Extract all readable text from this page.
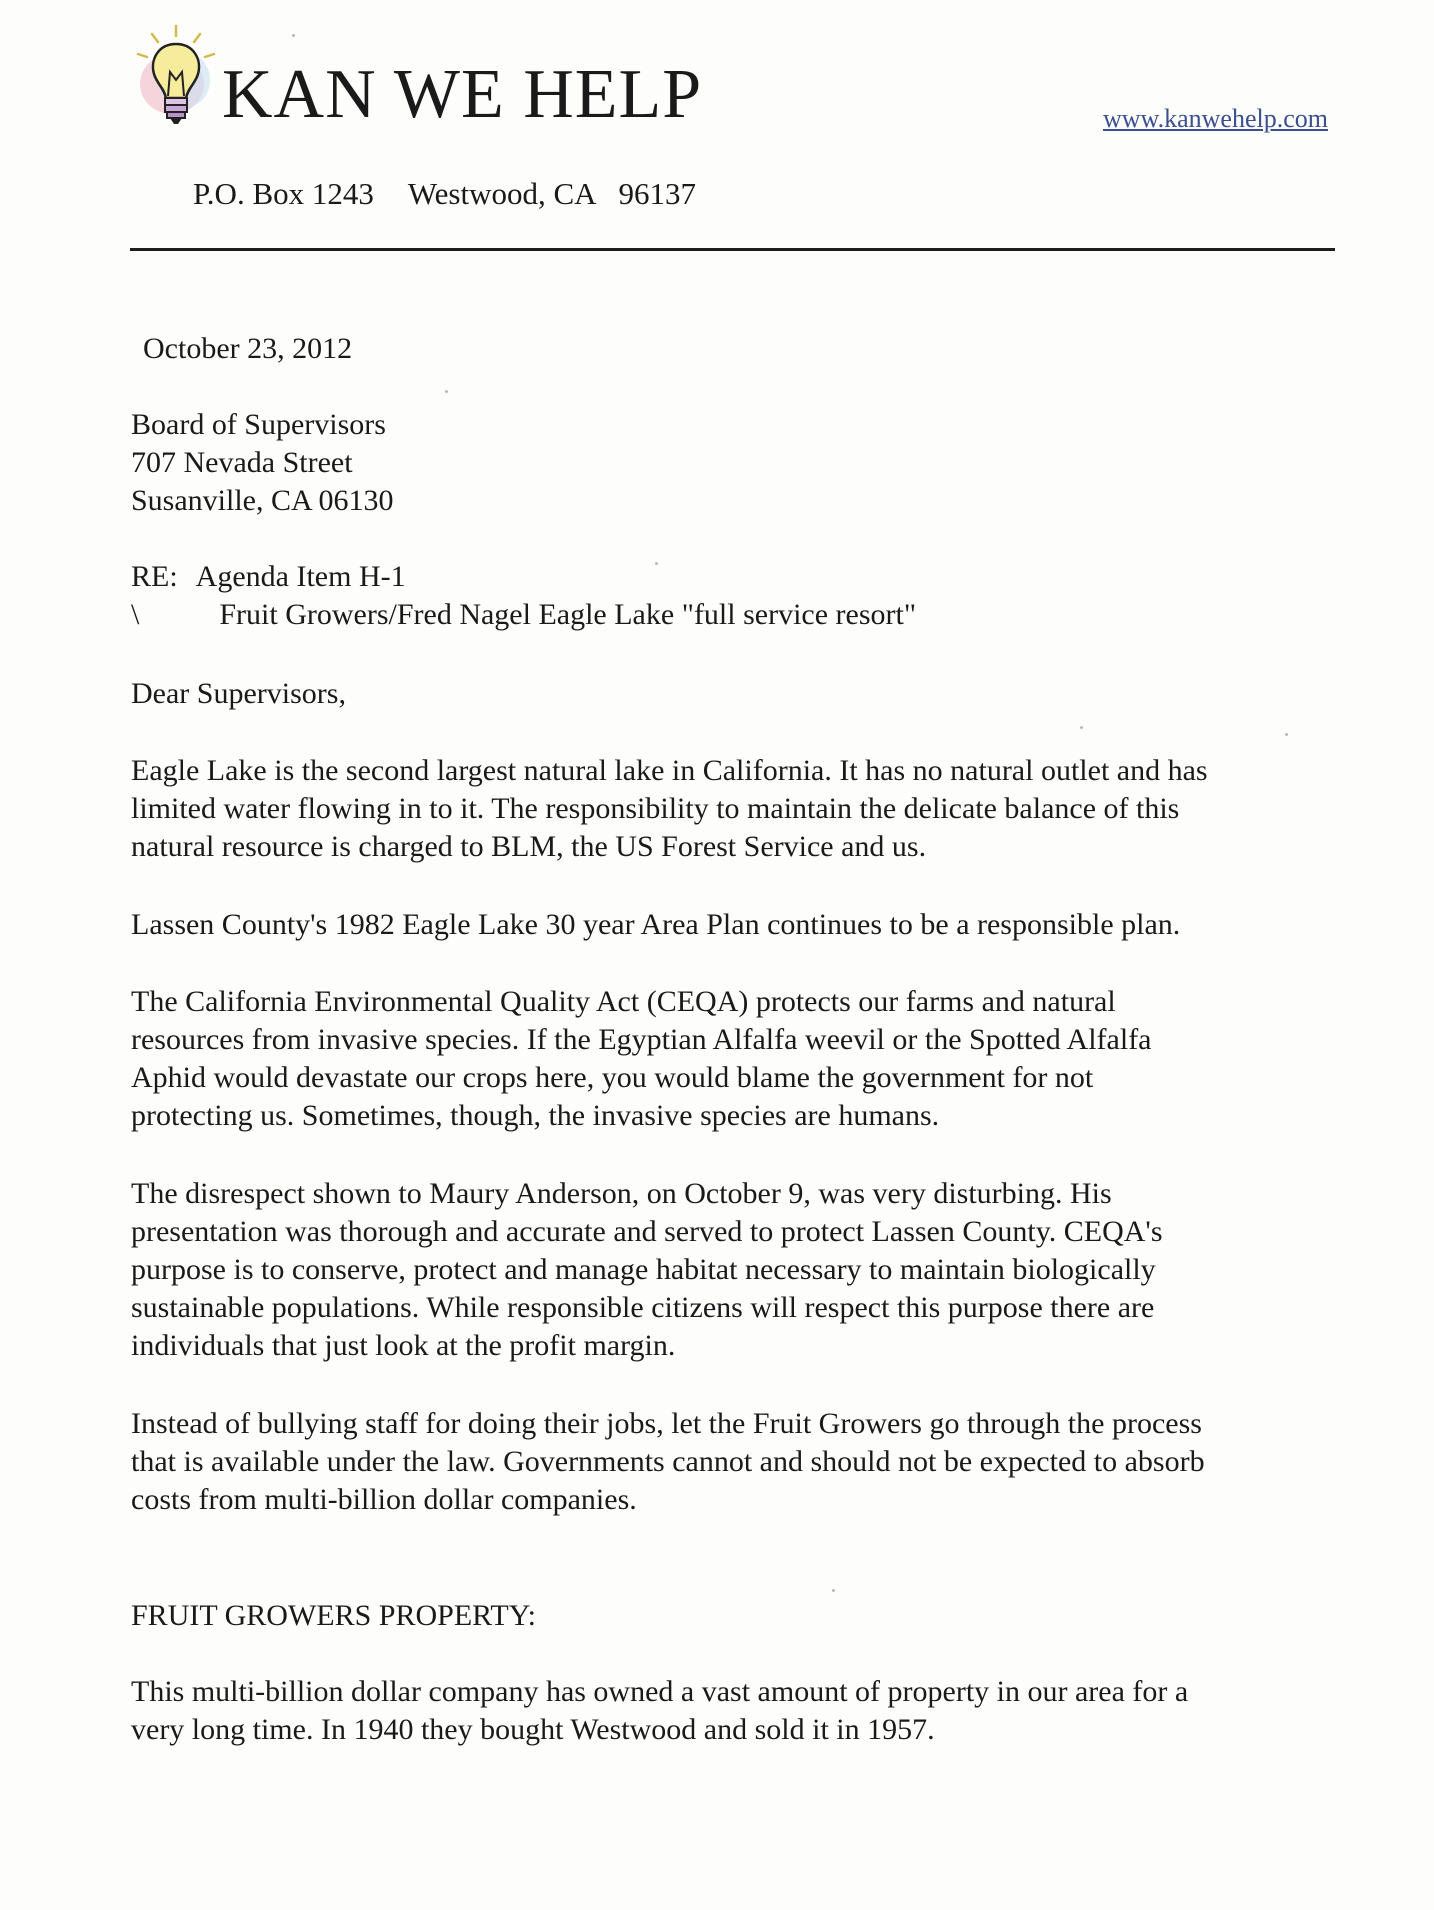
KAN WE HELP	www.kanwehelp.com
P.O. Box 1243 Westwood, CA 96137
October 23, 2012
Board of Supervisors
707 Nevada Street
Susanville, CA 06130
RE: Agenda Item H-1
\	Fruit Growers/Fred Nagel Eagle Lake "full service resort"
Dear Supervisors,
Eagle Lake is the second largest natural lake in California. It has no natural outlet and has
limited water flowing in to it. The responsibility to maintain the delicate balance of this
natural resource is charged to BLM, the US Forest Service and us.
Lassen County's 1982 Eagle Lake 30 year Area Plan continues to be a responsible plan.
The California Environmental Quality Act (CEQA) protects our farms and natural
resources from invasive species. If the Egyptian Alfalfa weevil or the Spotted Alfalfa
Aphid would devastate our crops here, you would blame the government for not
protecting us. Sometimes, though, the invasive species are humans.
The disrespect shown to Maury Anderson, on October 9, was very disturbing. His
presentation was thorough and accurate and served to protect Lassen County. CEQA's
purpose is to conserve, protect and manage habitat necessary to maintain biologically
sustainable populations. While responsible citizens will respect this purpose there are
individuals that just look at the profit margin.
Instead of bullying staff for doing their jobs, let the Fruit Growers go through the process
that is available under the law. Governments cannot and should not be expected to absorb
costs from multi-billion dollar companies.
FRUIT GROWERS PROPERTY:
This multi-billion dollar company has owned a vast amount of property in our area for a
very long time. In 1940 they bought Westwood and sold it in 1957.
